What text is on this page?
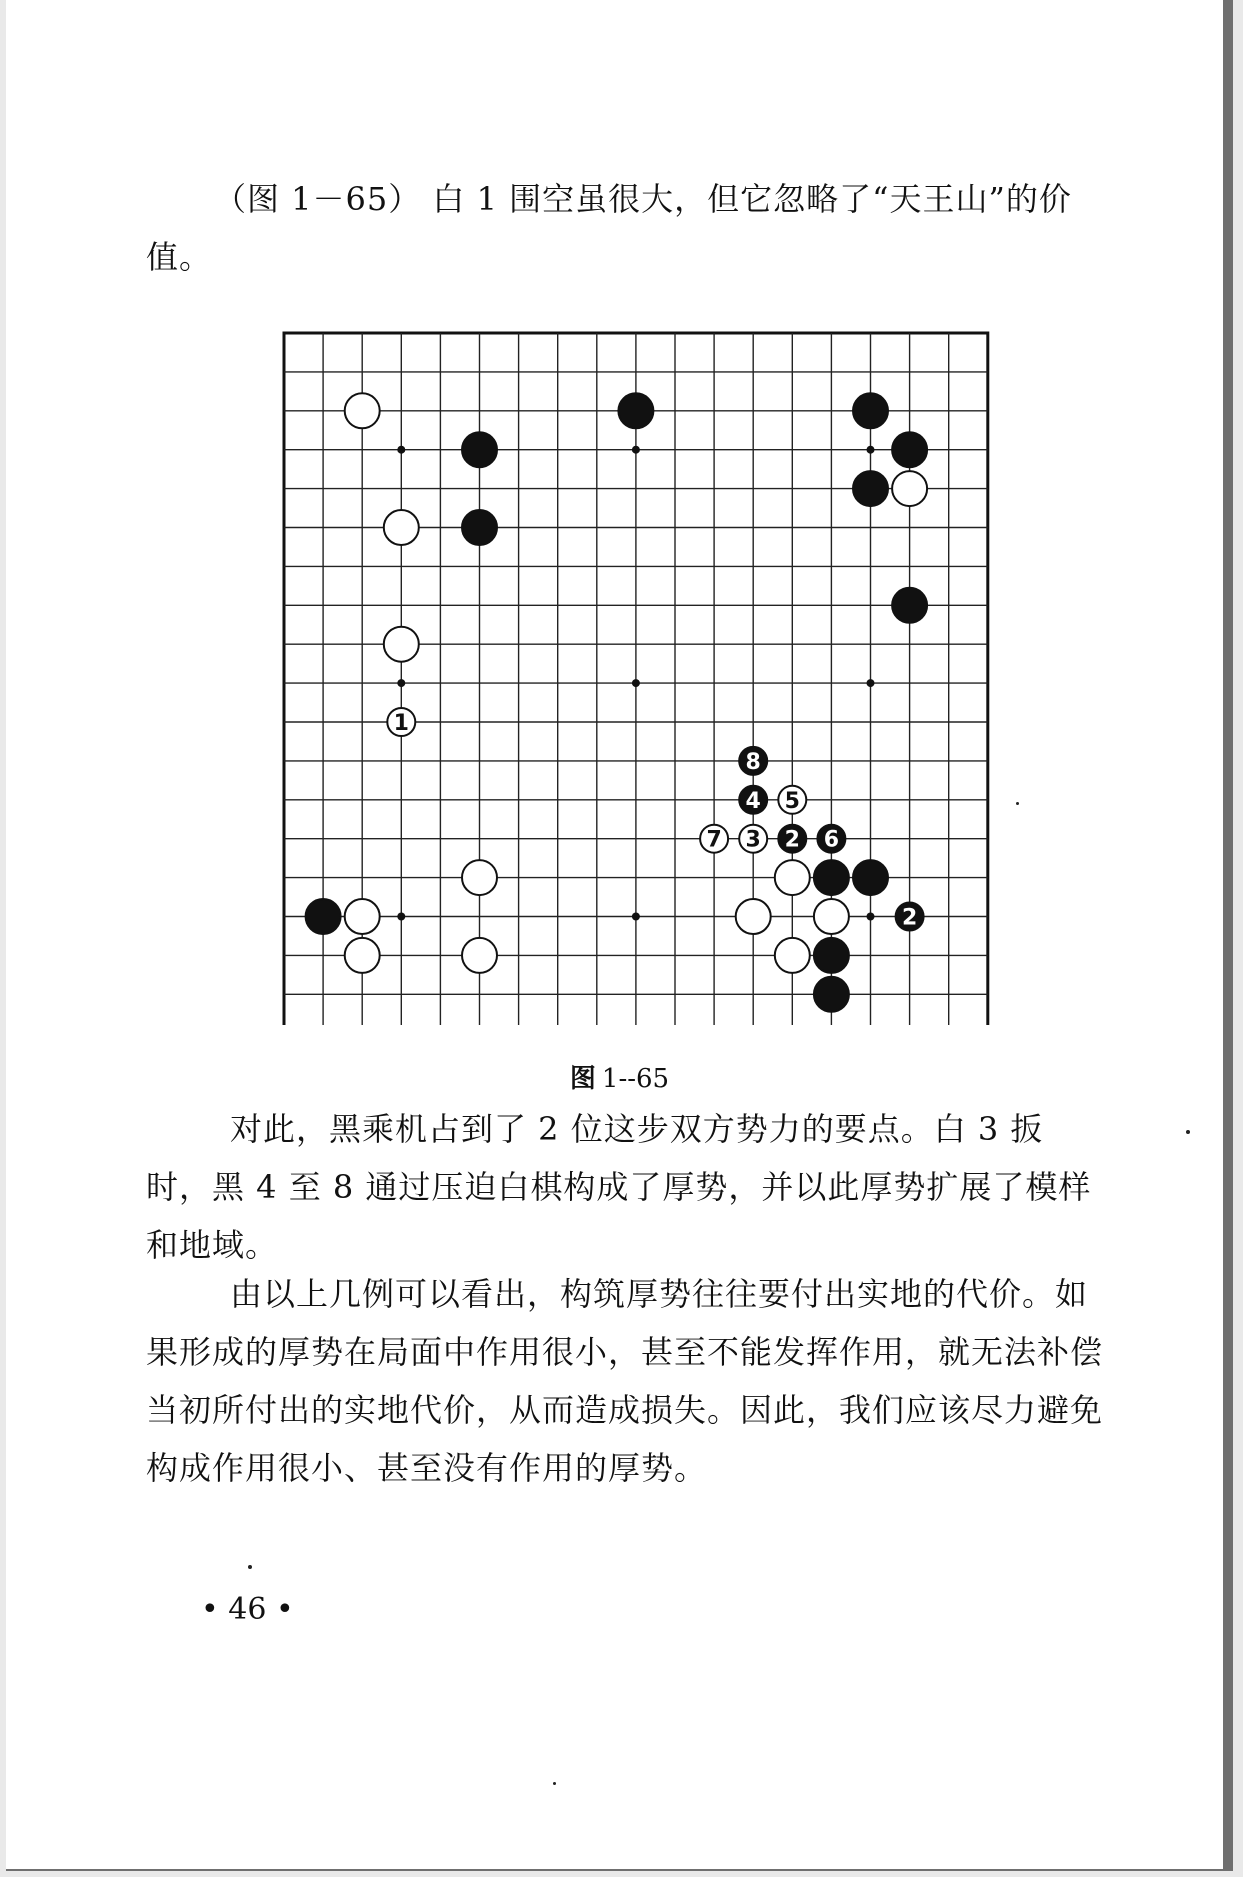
（图 1－65） 白 1 围空虽很大，但它忽略了“天王山”的价值。

1
8
4 5
7 3 2 6
2
图 1--65

对此，黑乘机占到了 2 位这步双方势力的要点。白 3 扳时，黑 4 至 8 通过压迫白棋构成了厚势，并以此厚势扩展了模样和地域。

由以上几例可以看出，构筑厚势往往要付出实地的代价。如果形成的厚势在局面中作用很小，甚至不能发挥作用，就无法补偿当初所付出的实地代价，从而造成损失。因此，我们应该尽力避免构成作用很小、甚至没有作用的厚势。

• 46 •
